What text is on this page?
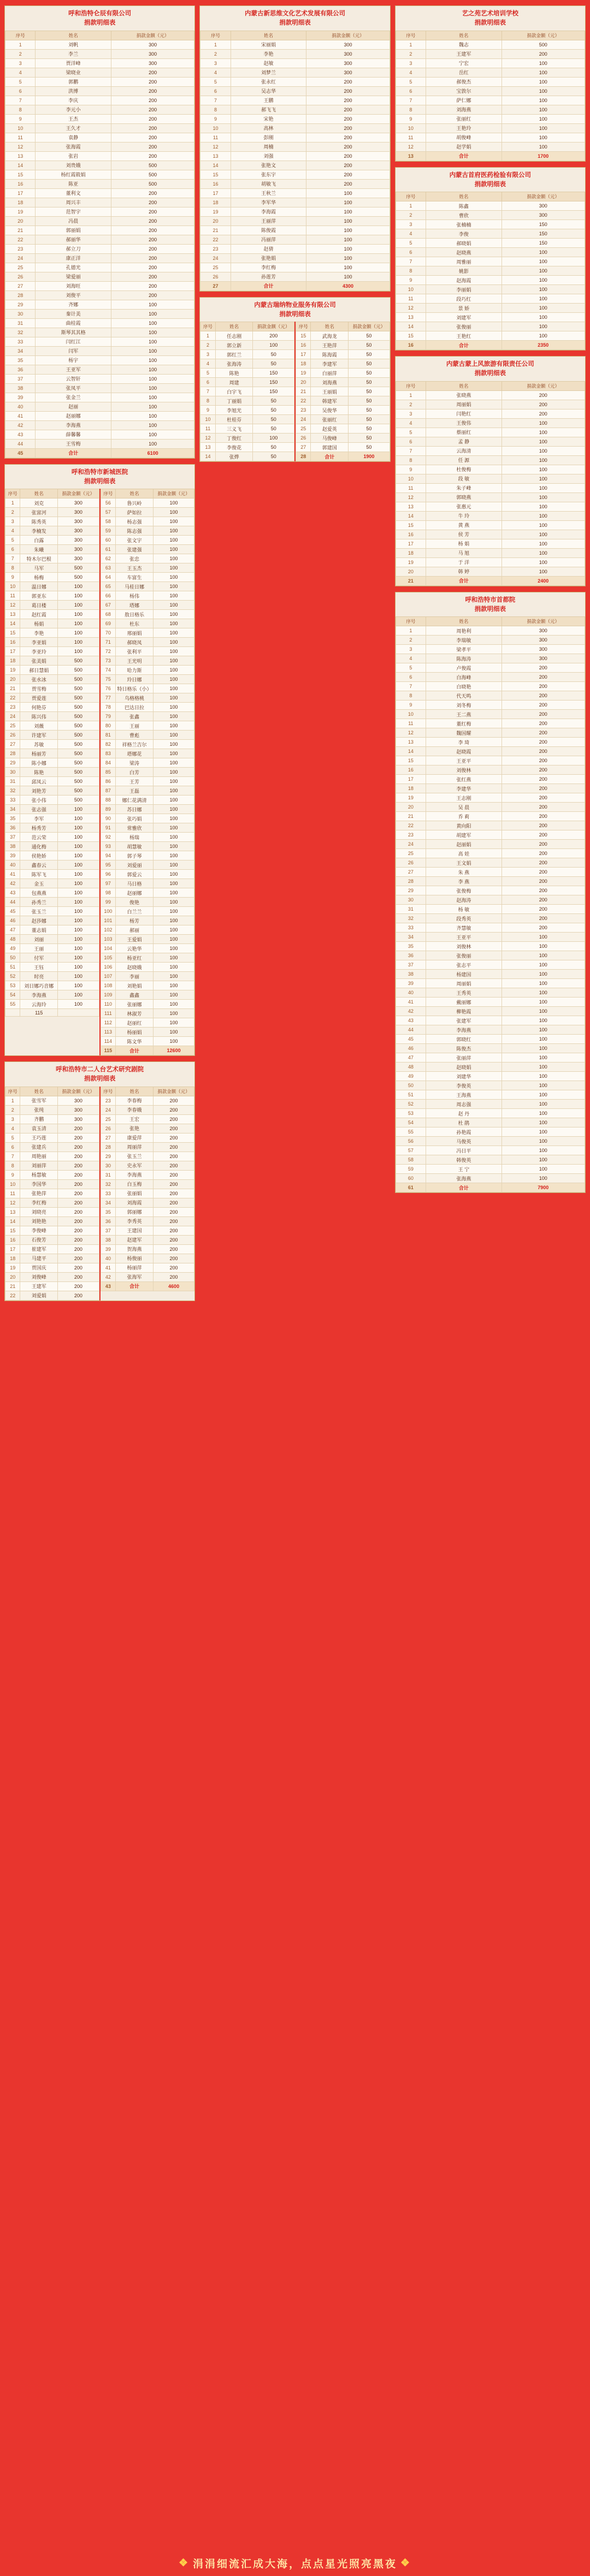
呼和浩特仑辰有限公司
捐款明细表
序号	姓名	捐款金额（元）
1	刘帆	300
2	李兰	300
3	贾洋峰	300
4	梁晓业	200
5	郭鹏	200
6	洪博	200
7	李庆	200
8	李元小	200
9	王杰	200
10	王久才	200
11	袁静	200
12	张海霞	200
13	张岩	200
14	刘贵娥	500
15	杨红霞筱娟	500
16	陈亚	500
17	董利文	200
18	周兴丰	200
19	范智宇	200
20	冯晨	200
21	郭丽娟	200
22	郝丽华	200
23	郝立刀	200
24	康正洋	200
25	孔德光	200
26	梁爱丽	200
27	刘海旺	200
28	刘俊平	200
29	齐娜	100
30	秦计美	100
31	曲桂霞	100
32	斯琴其其格	100
33	闫红江	100
34	闫军	100
35	杨宇	100
36	王亚军	100
37	云智轩	100
38	张凤平	100
39	张金兰	100
40	赵丽	100
41	赵丽娜	100
42	李海燕	100
43	薛馨馨	100
44	王雪梅	100
45	合计	6100
呼和浩特市新城医院
捐款明细表
序号	姓名	捐款金额（元）
1	刘克	300
2	张富河	300
3	陈秀英	300
4	李楠发	300
5	白露	300
6	朱曦	300
7	特木尔巴根	300
8	马军	500
9	杨梅	500
10	温日娜	100
11	郭亚东	100
12	葛日楼	100
13	赵红霞	100
14	杨娟	100
15	李艳	100
16	李亚娟	100
17	李亚玲	100
18	张美娟	500
19	郝日慧娟	500
20	张水冰	500
21	贾雪梅	500
22	贾爱莲	500
23	何艳芬	500
24	陈兴伟	500
25	刘薇	500
26	许建军	500
27	苏敏	500
28	杨丽芳	500
29	陈小娜	500
30	陈艳	500
31	邱凤云	500
32	刘艳芳	500
33	张小伟	500
34	张志强	100
35	李军	100
36	杨秀芳	100
37	范云荣	100
38	通化梅	100
39	侯艳娇	100
40	鑫春云	100
41	陈军飞	100
42	金玉	100
43	包燕燕	100
44	孙秀兰	100
45	张玉兰	100
46	赵莎娜	100
47	董志娟	100
48	刘丽	100
49	王丽	100
50	付军	100
51	王钰	100
52	时亮	100
53	刘日娜巧音娜	100
54	李海燕	100
55	云海玲	100
	115	
序号	姓名	捐款金额（元）
56	鲁兴岭	100
57	萨如拉	100
58	杨志强	100
59	陈志强	100
60	张文宇	100
61	张建强	100
62	张忠	100
63	王玉杰	100
64	车富生	100
65	马桂日娜	100
66	杨伟	100
67	塔娜	100
68	敖日格乐	100
69	杜东	100
70	邢丽娟	100
71	郝晓凤	100
72	张利平	100
73	王光明	100
74	哈力斯	100
75	玲日娜	100
76	特日格乐（小）	100
77	乌格格桃	100
78	巴达日拉	100
79	张鑫	100
80	王丽	100
81	曹彪	100
82	祥格兰吉尔	100
83	塔娜花	100
84	梁涛	100
85	白芳	100
86	王芳	100
87	王磊	100
88	娜仁花满清	100
89	苏日娜	100
90	张巧娟	100
91	常雅欣	100
92	杨瑞	100
93	胡慧敏	100
94	郭子琴	100
95	刘爱丽	100
96	郭爱云	100
97	马日格	100
98	赵丽娜	100
99	俊艳	100
100	白兰兰	100
101	杨芳	100
102	郝丽	100
103	王爱娟	100
104	云艳华	100
105	杨亚红	100
106	赵晓娥	100
107	李丽	100
108	刘艳娟	100
109	鑫鑫	100
110	张丽娜	100
111	林淑芳	100
112	赵丽红	100
113	杨丽娟	100
114	陈文华	100
115	合计	12600
呼和浩特市二人台艺术研究剧院
捐款明细表
序号	姓名	捐款金额（元）
1	张雪军	300
2	张纯	300
3	齐鹏	300
4	袁玉清	200
5	王巧莲	200
6	张建兵	200
7	周艳丽	200
8	刘丽萍	200
9	杨慧敏	200
10	李国华	200
11	张艳萍	200
12	李红梅	200
13	刘晓亮	200
14	刘艳艳	200
15	李俊峰	200
16	石俊芳	200
17	崔建军	200
18	马建平	200
19	贾国庆	200
20	刘俊峰	200
21	王建军	200
22	刘爱娟	200
序号	姓名	捐款金额（元）
23	李春梅	200
24	李春娥	200
25	王宏	200
26	张艳	200
27	康爱萍	200
28	周丽萍	200
29	张玉兰	200
30	史永军	200
31	李海燕	200
32	白玉梅	200
33	张丽娟	200
34	刘海霞	200
35	郭丽娜	200
36	李秀英	200
37	王建国	200
38	赵建军	200
39	贺海燕	200
40	杨俊丽	200
41	杨丽萍	200
42	张海军	200
43	合计	4600
内蒙古新思维文化艺术发展有限公司
捐款明细表
序号	姓名	捐款金额（元）
1	宋丽娟	300
2	李艳	300
3	赵敏	300
4	刘梦兰	300
5	张永红	200
6	吴志华	200
7	王鹏	200
8	郝飞飞	200
9	宋艳	200
10	高林	200
11	彭刚	200
12	周楠	200
13	刘强	200
14	张艳文	200
15	张东宇	200
16	胡敏飞	200
17	王秋兰	100
18	李军华	100
19	李海霞	100
20	王丽萍	100
21	陈俊霞	100
22	冯丽萍	100
23	赵倩	100
24	张艳娟	100
25	李红梅	100
26	孙莲芳	100
27	合计	4300
内蒙古瑞纳物业服务有限公司
捐款明细表
序号	姓名	捐款金额（元）
1	任志刚	200
2	郭立新	100
3	郭红兰	50
4	张海涛	50
5	陈艳	150
6	周建	150
7	白宇飞	150
8	丁丽娟	50
9	李旭光	50
10	杜桂芬	50
11	三义飞	50
12	丁俊红	100
13	李俊花	50
14	张烨	50
序号	姓名	捐款金额（元）
15	武海龙	50
16	王艳萍	50
17	陈海霞	50
18	李建军	50
19	白丽萍	50
20	刘海燕	50
21	王丽娟	50
22	韩建军	50
23	吴俊华	50
24	张丽红	50
25	赵爱英	50
26	马俊峰	50
27	郭建国	50
28	合计	1900
艺之苑艺术培训学校
捐款明细表
序号	姓名	捐款金额（元）
1	魏志	500
2	王建军	200
3	宁宏	100
4	岳红	100
5	郝俊杰	100
6	宝敦尔	100
7	萨仁娜	100
8	刘海燕	100
9	张丽红	100
10	王艳玲	100
11	胡俊峰	100
12	赵学娟	100
13	合计	1700
内蒙古首府医药检验有限公司
捐款明细表
序号	姓名	捐款金额（元）
1	陈鑫	300
2	曹欣	300
3	张楠楠	150
4	李俊	150
5	郝晓娟	150
6	赵晓燕	100
7	周雅丽	100
8	姚影	100
9	赵海霞	100
10	李丽娟	100
11	段巧红	100
12	景 娇	100
13	刘建军	100
14	张俊丽	100
15	王艳红	100
16	合计	2350
内蒙古蒙上风旅游有限责任公司
捐款明细表
序号	姓名	捐款金额（元）
1	张晓燕	200
2	周丽娟	200
3	闫艳红	200
4	王俊伟	100
5	蔡丽红	100
6	孟 静	100
7	云海清	100
8	任 源	100
9	杜俊梅	100
10	段 敏	100
11	朱子峰	100
12	郭晓燕	100
13	张惠元	100
14	牛 玲	100
15	黄 燕	100
16	侯 芳	100
17	杨 娟	100
18	马 旭	100
19	于 洋	100
20	韩 婷	100
21	合计	2400
呼和浩特市首都院
捐款明细表
序号	姓名	捐款金额（元）
1	周艳利	300
2	李瑞敏	300
3	梁孝平	300
4	陈海涛	300
5	卢俊霞	200
6	白海峰	200
7	白晓艳	200
8	代天鸣	200
9	刘冬梅	200
10	王二燕	200
11	董红梅	200
12	魏国耀	200
13	李 琦	200
14	赵晓霞	200
15	王亚平	200
16	刘俊林	200
17	张红燕	200
18	李建华	200
19	王志刚	200
20	吴 晨	200
21	乔 莉	200
22	黄向阳	200
23	胡建军	200
24	赵丽娟	200
25	高 娃	200
26	王文娟	200
27	朱 燕	200
28	李 燕	200
29	张俊梅	200
30	赵海涛	200
31	杨 敏	200
32	段秀英	200
33	齐慧敏	200
34	王亚平	100
35	刘俊林	100
36	张俊丽	100
37	张志平	100
38	杨建国	100
39	周丽娟	100
40	王秀英	100
41	戴丽娜	100
42	柳艳霞	100
43	张建军	100
44	李海燕	100
45	郭晓红	100
46	陈俊杰	100
47	张丽萍	100
48	赵晓娟	100
49	刘建华	100
50	李俊英	100
51	王海燕	100
52	周志强	100
53	赵 丹	100
54	杜 鹃	100
55	孙艳霞	100
56	马俊英	100
57	冯日平	100
58	韩俊英	100
59	王 宁	100
60	张海燕	100
61	合计	7900
❖ 涓涓细流汇成大海，点点星光照亮黑夜 ❖
